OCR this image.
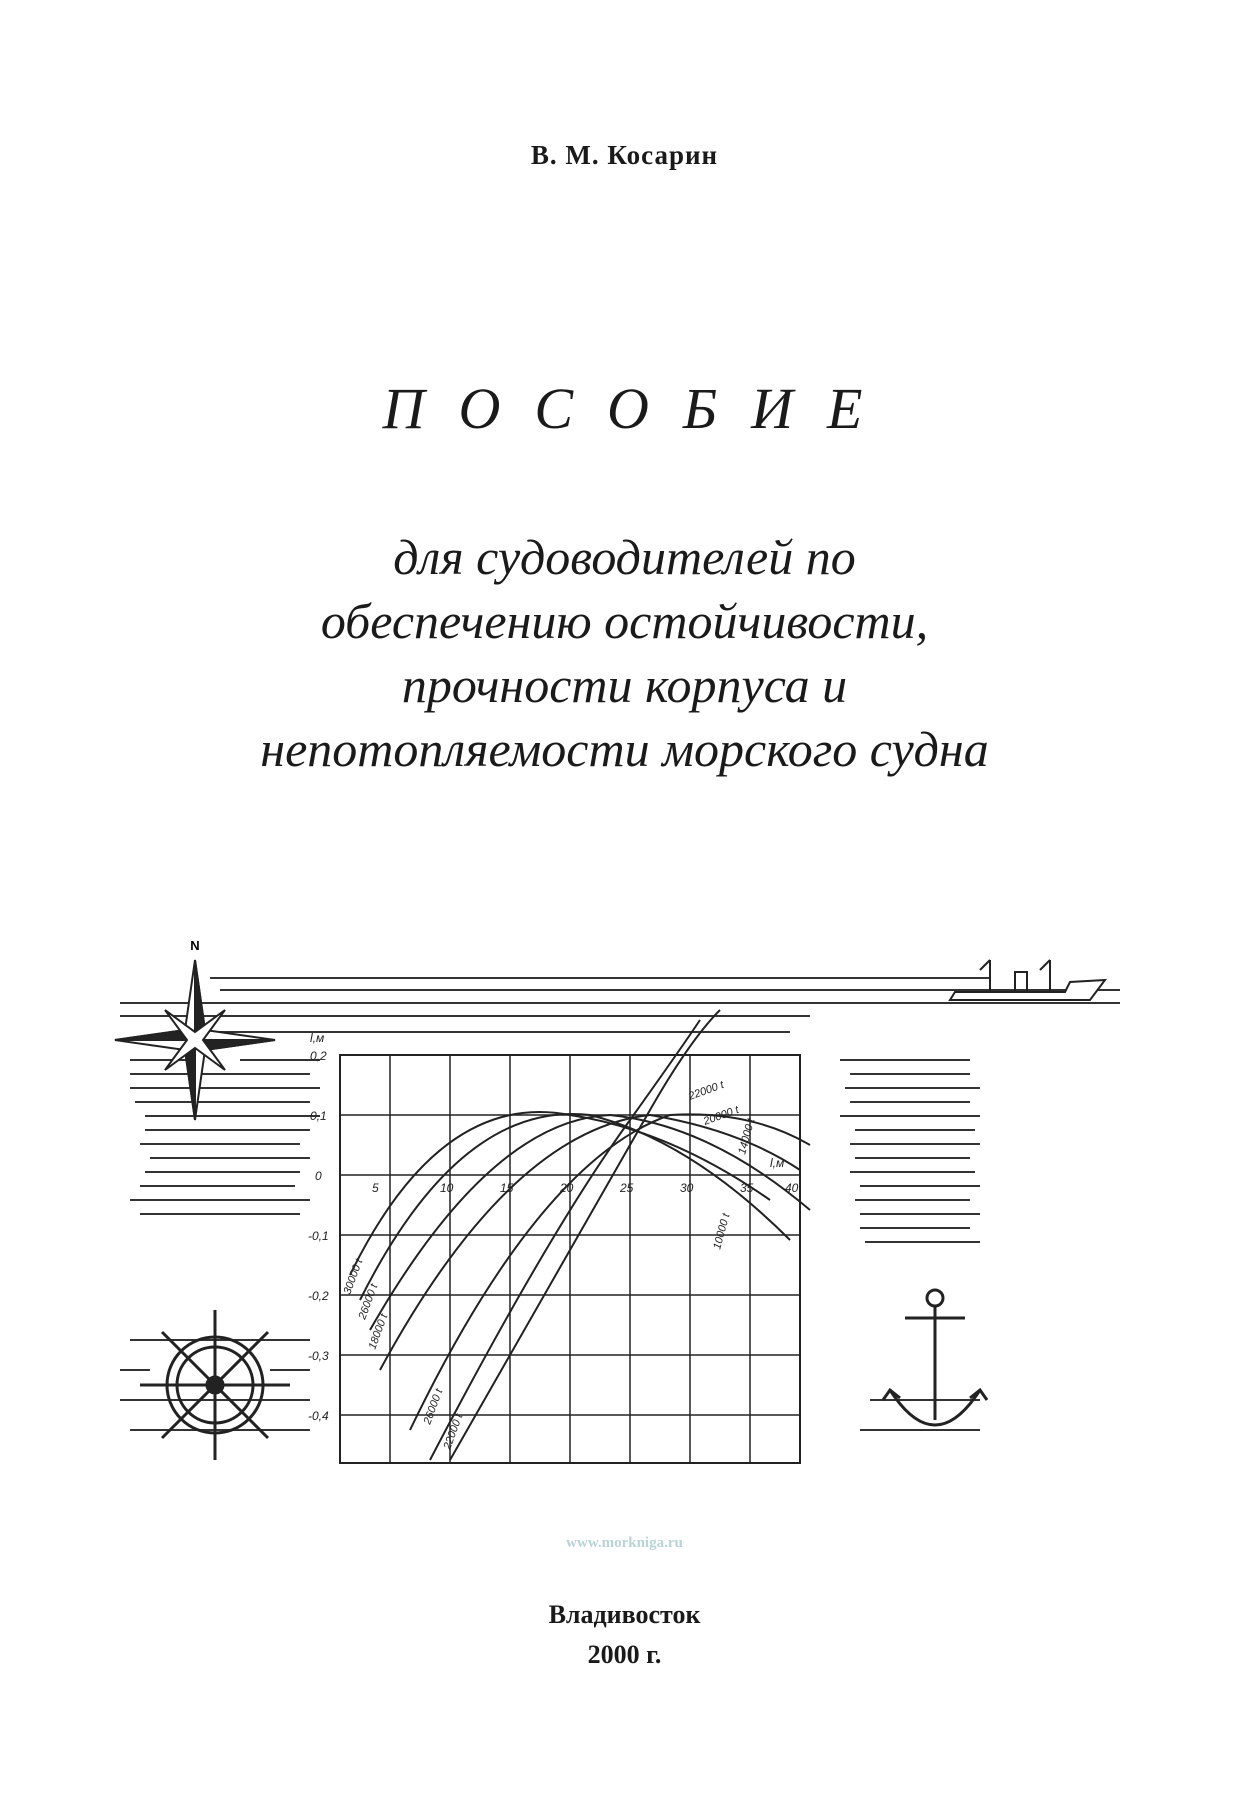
В. М. Косарин
ПОСОБИЕ
для судоводителей по
обеспечению остойчивости,
прочности корпуса и
непотопляемости морского судна
N
l,м
l,м
0,2
0,1
0
-0,1
-0,2
-0,3
-0,4
5	10	15	20	25	30	35	40
30000 t
26000 t
18000 t
26000 t
22000 t
22000 t
20000 t
14000 t
10000 t
www.morkniga.ru
Владивосток
2000 г.
